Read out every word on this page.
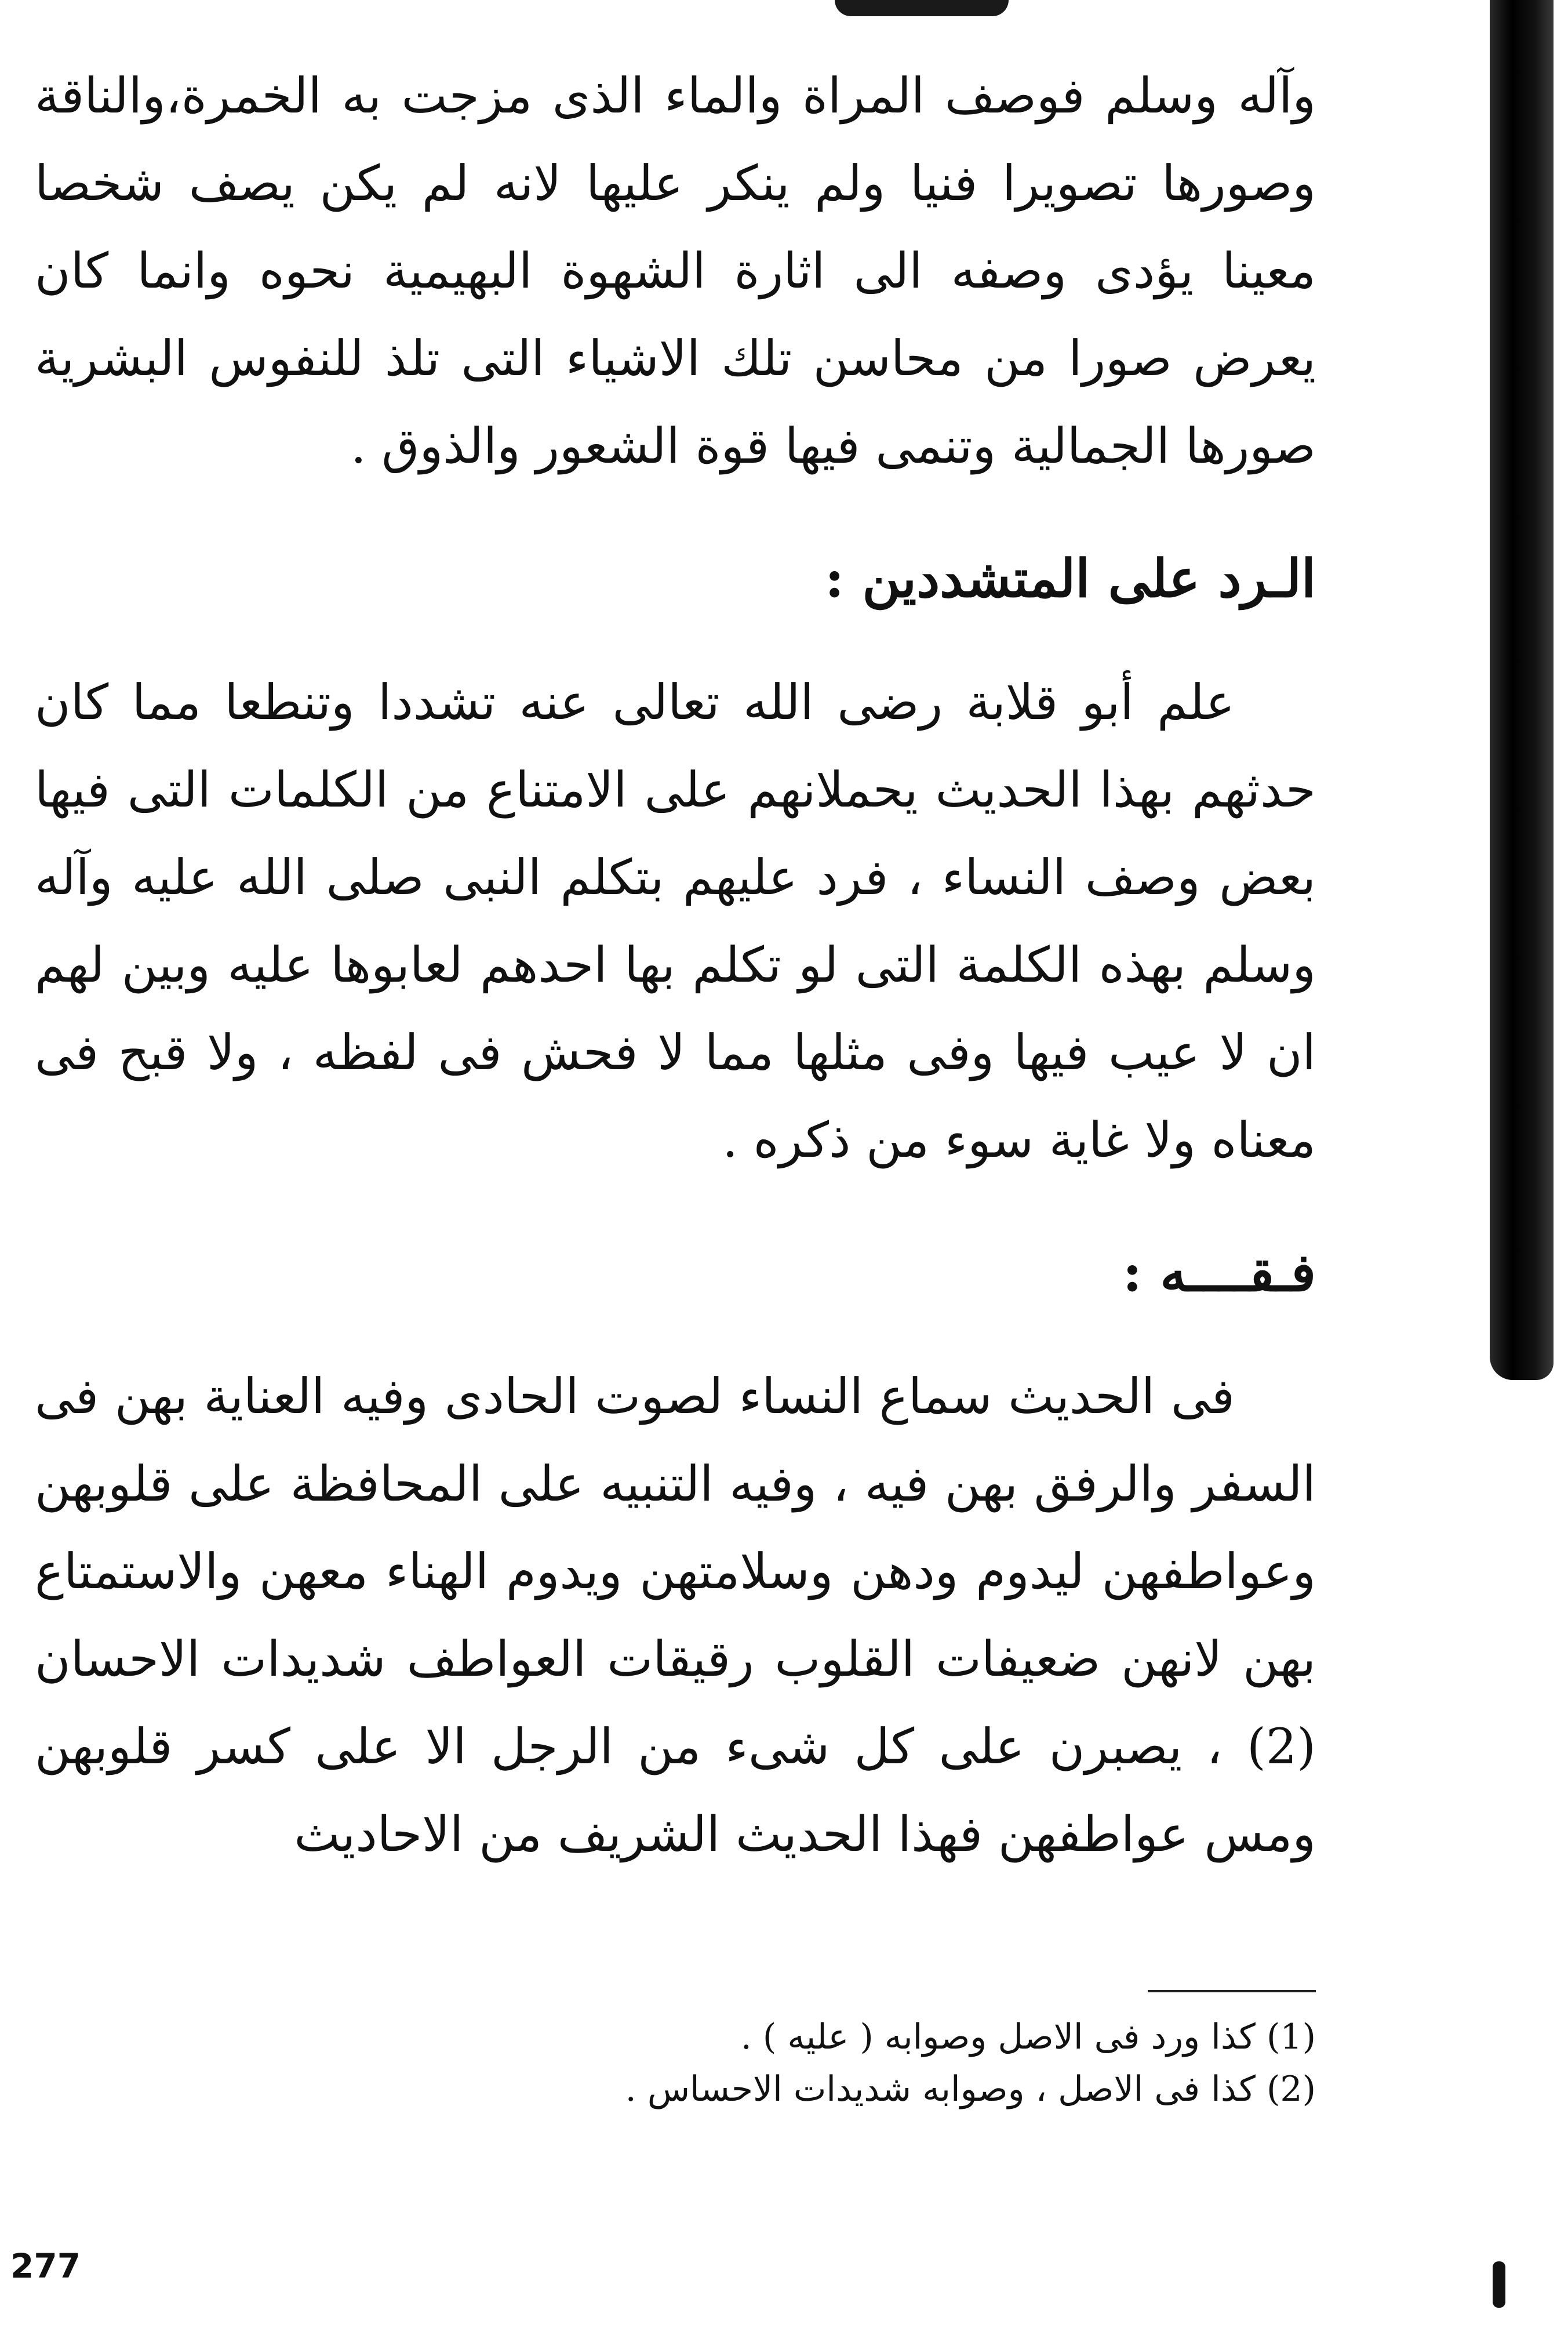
وآله وسلم فوصف المراة والماء الذى مزجت به الخمرة،والناقة وصورها تصويرا فنيا ولم ينكر عليها لانه لم يكن يصف شخصا معينا يؤدى وصفه الى اثارة الشهوة البهيمية نحوه وانما كان يعرض صورا من محاسن تلك الاشياء التى تلذ للنفوس البشرية صورها الجمالية وتنمى فيها قوة الشعور والذوق .

الـرد على المتشددين :

علم أبو قلابة رضى الله تعالى عنه تشددا وتنطعا مما كان حدثهم بهذا الحديث يحملانهم على الامتناع من الكلمات التى فيها بعض وصف النساء ، فرد عليهم بتكلم النبى صلى الله عليه وآله وسلم بهذه الكلمة التى لو تكلم بها احدهم لعابوها عليه وبين لهم ان لا عيب فيها وفى مثلها مما لا فحش فى لفظه ، ولا قبح فى معناه ولا غاية سوء من ذكره .

فـقــــه :

فى الحديث سماع النساء لصوت الحادى وفيه العناية بهن فى السفر والرفق بهن فيه ، وفيه التنبيه على المحافظة على قلوبهن وعواطفهن ليدوم ودهن وسلامتهن ويدوم الهناء معهن والاستمتاع بهن لانهن ضعيفات القلوب رقيقات العواطف شديدات الاحسان (2) ، يصبرن على كل شىء من الرجل الا على كسر قلوبهن ومس عواطفهن فهذا الحديث الشريف من الاحاديث

(1) كذا ورد فى الاصل وصوابه ( عليه ) .

(2) كذا فى الاصل ، وصوابه شديدات الاحساس .

277
